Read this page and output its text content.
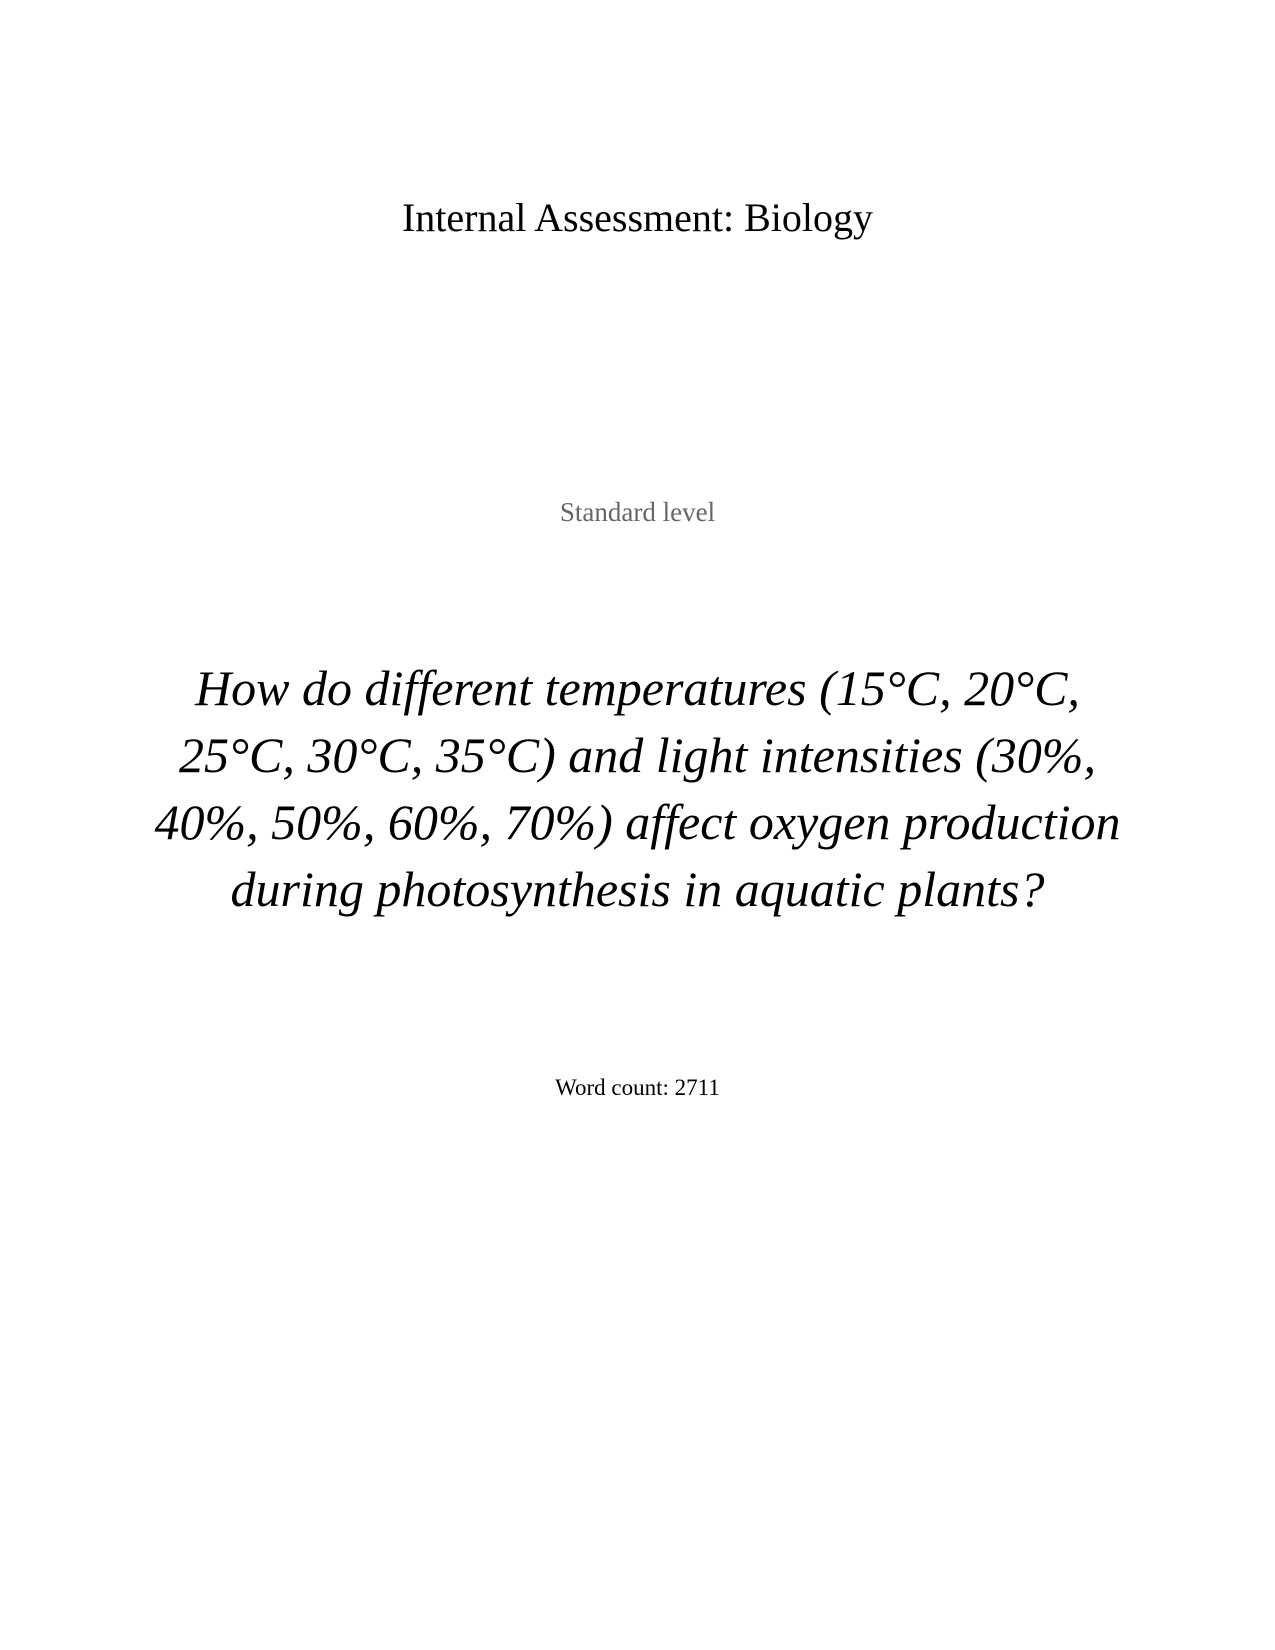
Internal Assessment: Biology
Standard level
How do different temperatures (15°C, 20°C,
25°C, 30°C, 35°C) and light intensities (30%,
40%, 50%, 60%, 70%) affect oxygen production
during photosynthesis in aquatic plants?
Word count: 2711
